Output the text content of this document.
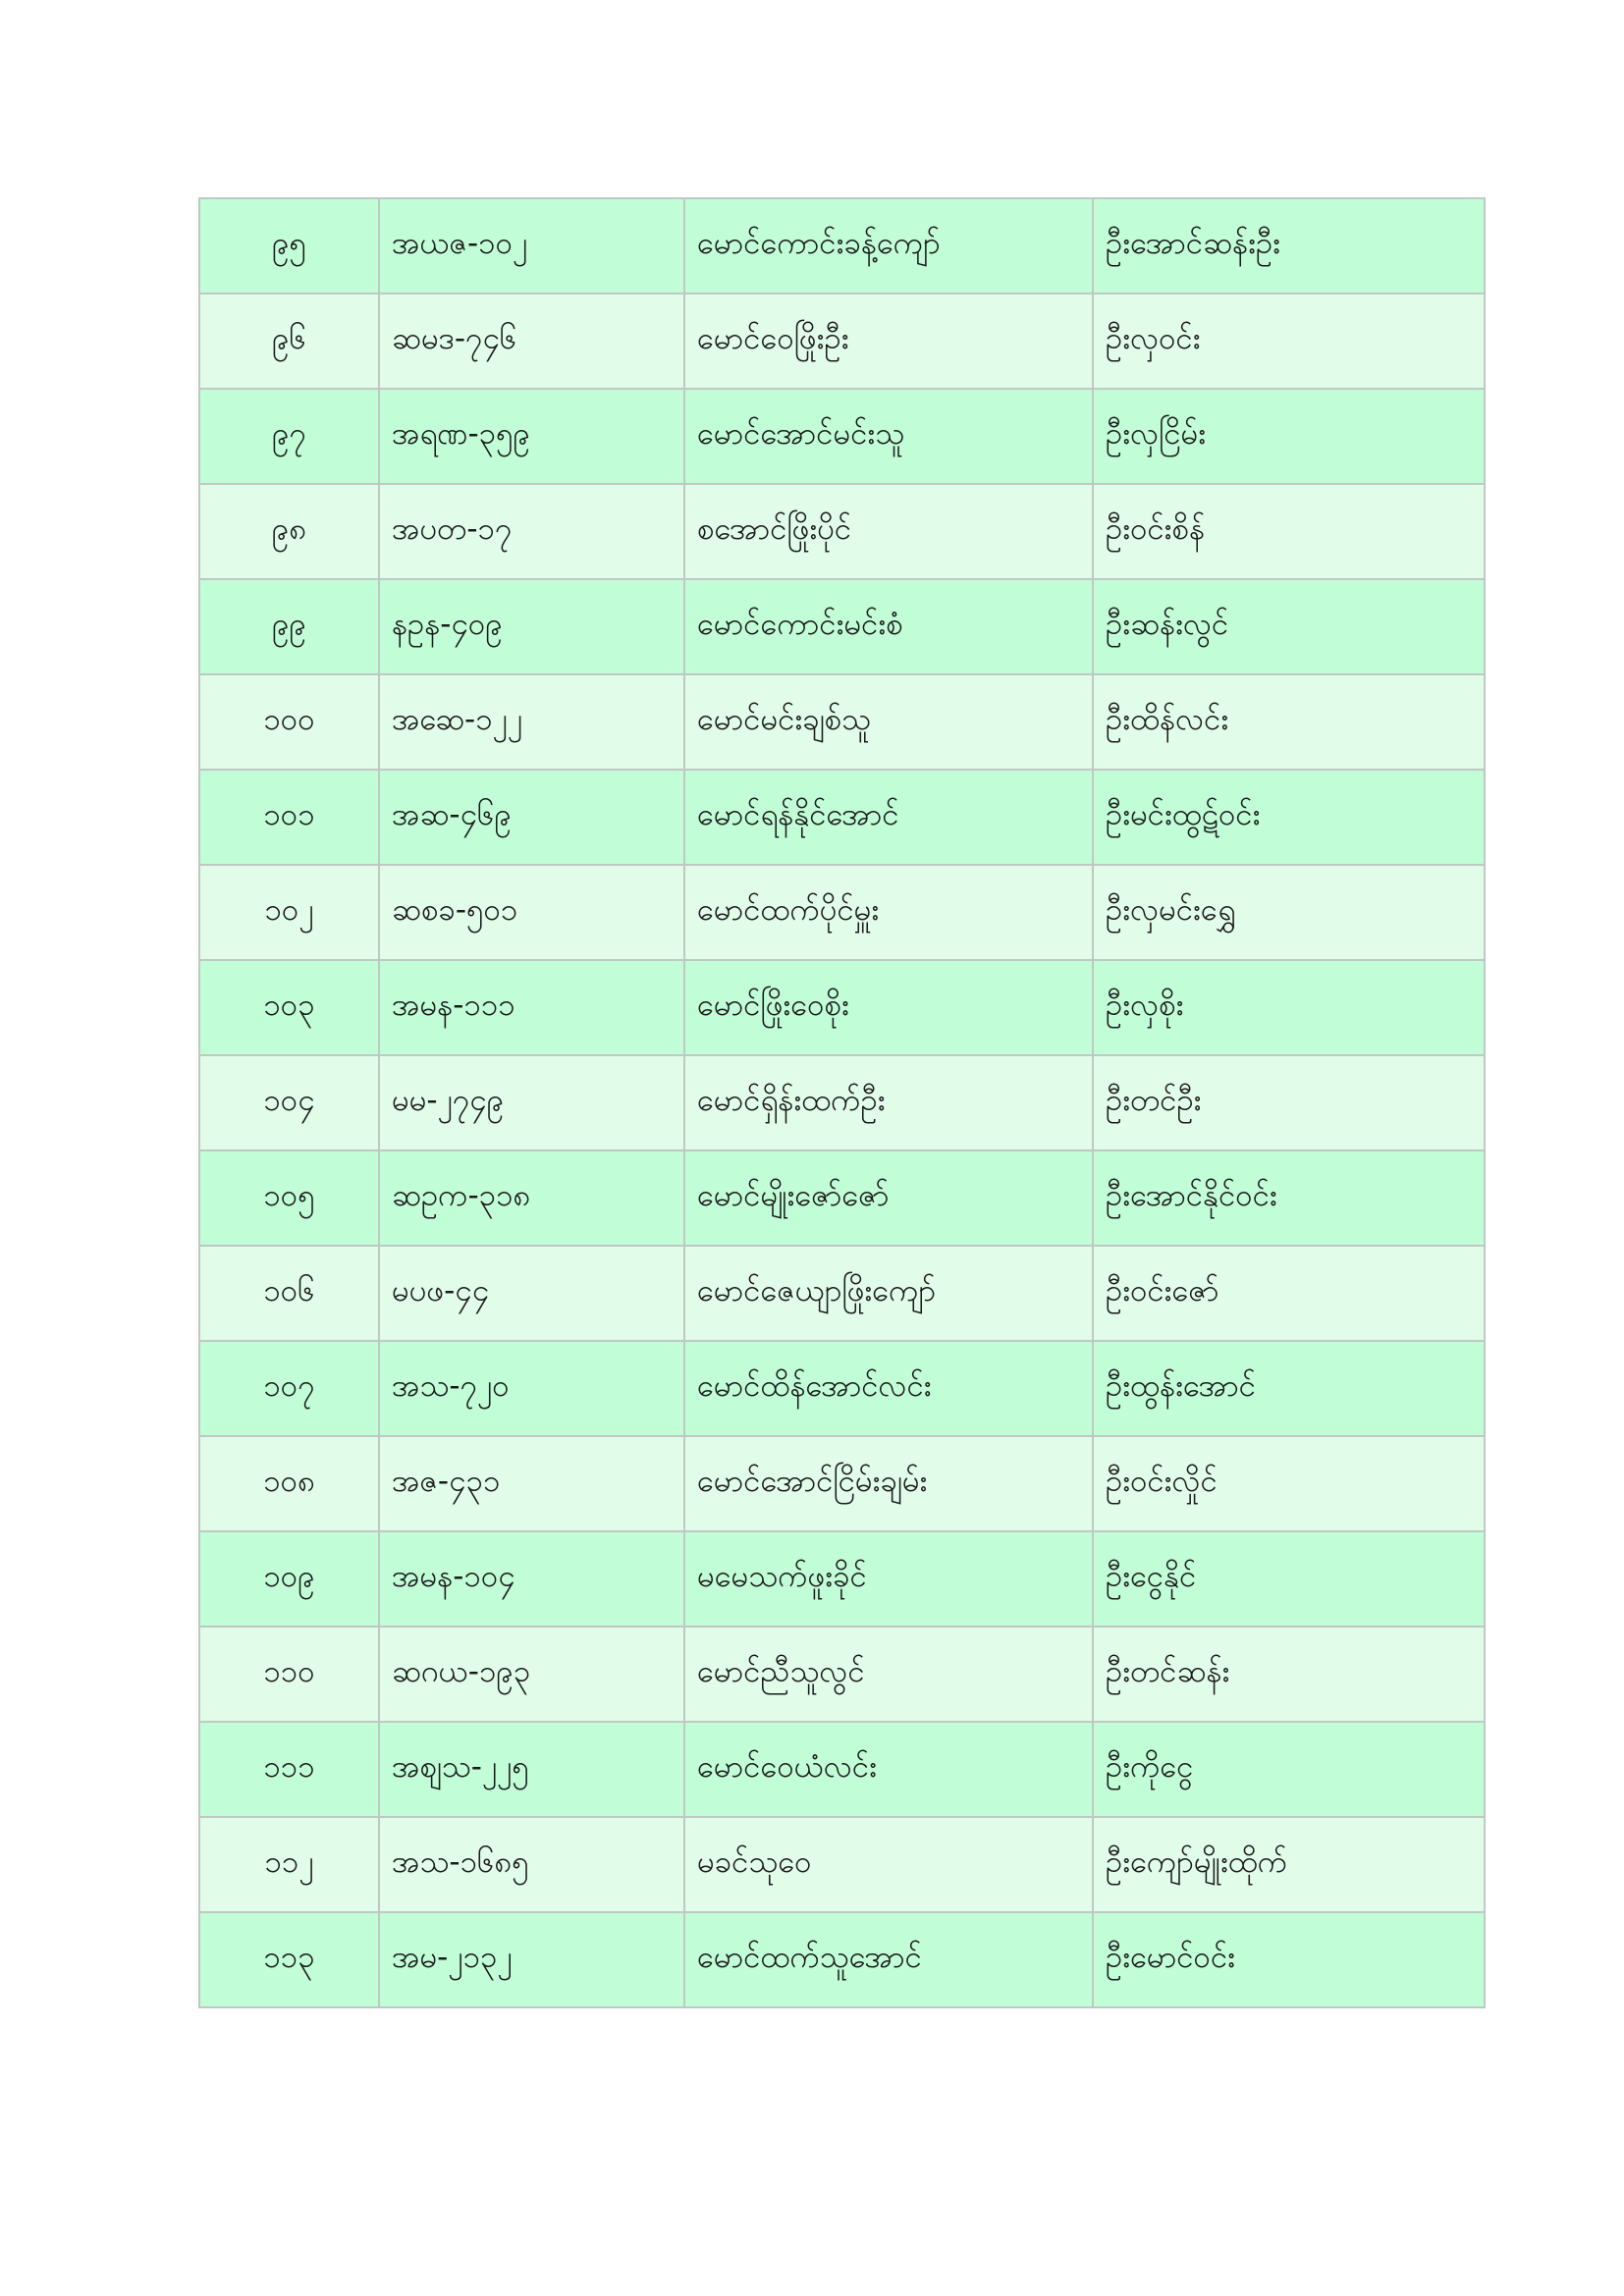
၉၅	အယဇ-၁၀၂	မောင်ကောင်းခန့်ကျော်	ဦးအောင်ဆန်းဦး
၉၆	ဆမဒ-၇၄၆	မောင်ဝေဖြိုးဦး	ဦးလှဝင်း
၉၇	အရဏ-၃၅၉	မောင်အောင်မင်းသူ	ဦးလှငြိမ်း
၉၈	အပတ-၁၇	စအောင်ဖြိုးပိုင်	ဦးဝင်းစိန်
၉၉	နဥန-၄၀၉	မောင်ကောင်းမင်းစံ	ဦးဆန်းလွင်
၁၀၀	အဆေ-၁၂၂	မောင်မင်းချစ်သူ	ဦးထိန်လင်း
၁၀၁	အဆ-၄၆၉	မောင်ရန်နိုင်အောင်	ဦးမင်းထွဋ်ဝင်း
၁၀၂	ဆစခ-၅၀၁	မောင်ထက်ပိုင်မှူး	ဦးလှမင်းရွှေ
၁၀၃	အမန-၁၁၁	မောင်ဖြိုးဝေစိုး	ဦးလှစိုး
၁၀၄	မမ-၂၇၄၉	မောင်ရှိန်းထက်ဦး	ဦးတင်ဦး
၁၀၅	ဆဥက-၃၁၈	မောင်မျိုးဇော်ဇော်	ဦးအောင်နိုင်ဝင်း
၁၀၆	မပဖ-၄၄	မောင်ဇေယျာဖြိုးကျော်	ဦးဝင်းဇော်
၁၀၇	အသ-၇၂၀	မောင်ထိန်အောင်လင်း	ဦးထွန်းအောင်
၁၀၈	အဇ-၄၃၁	မောင်အောင်ငြိမ်းချမ်း	ဦးဝင်းလှိုင်
၁၀၉	အမန-၁၀၄	မမေသက်ဖူးခိုင်	ဦးငွေနိုင်
၁၁၀	ဆဂယ-၁၉၃	မောင်ညီသူလွင်	ဦးတင်ဆန်း
၁၁၁	အစျသ-၂၂၅	မောင်ဝေယံလင်း	ဦးကိုငွေ
၁၁၂	အသ-၁၆၈၅	မခင်သုဝေ	ဦးကျော်မျိုးထိုက်
၁၁၃	အမ-၂၁၃၂	မောင်ထက်သူအောင်	ဦးမောင်ဝင်း
